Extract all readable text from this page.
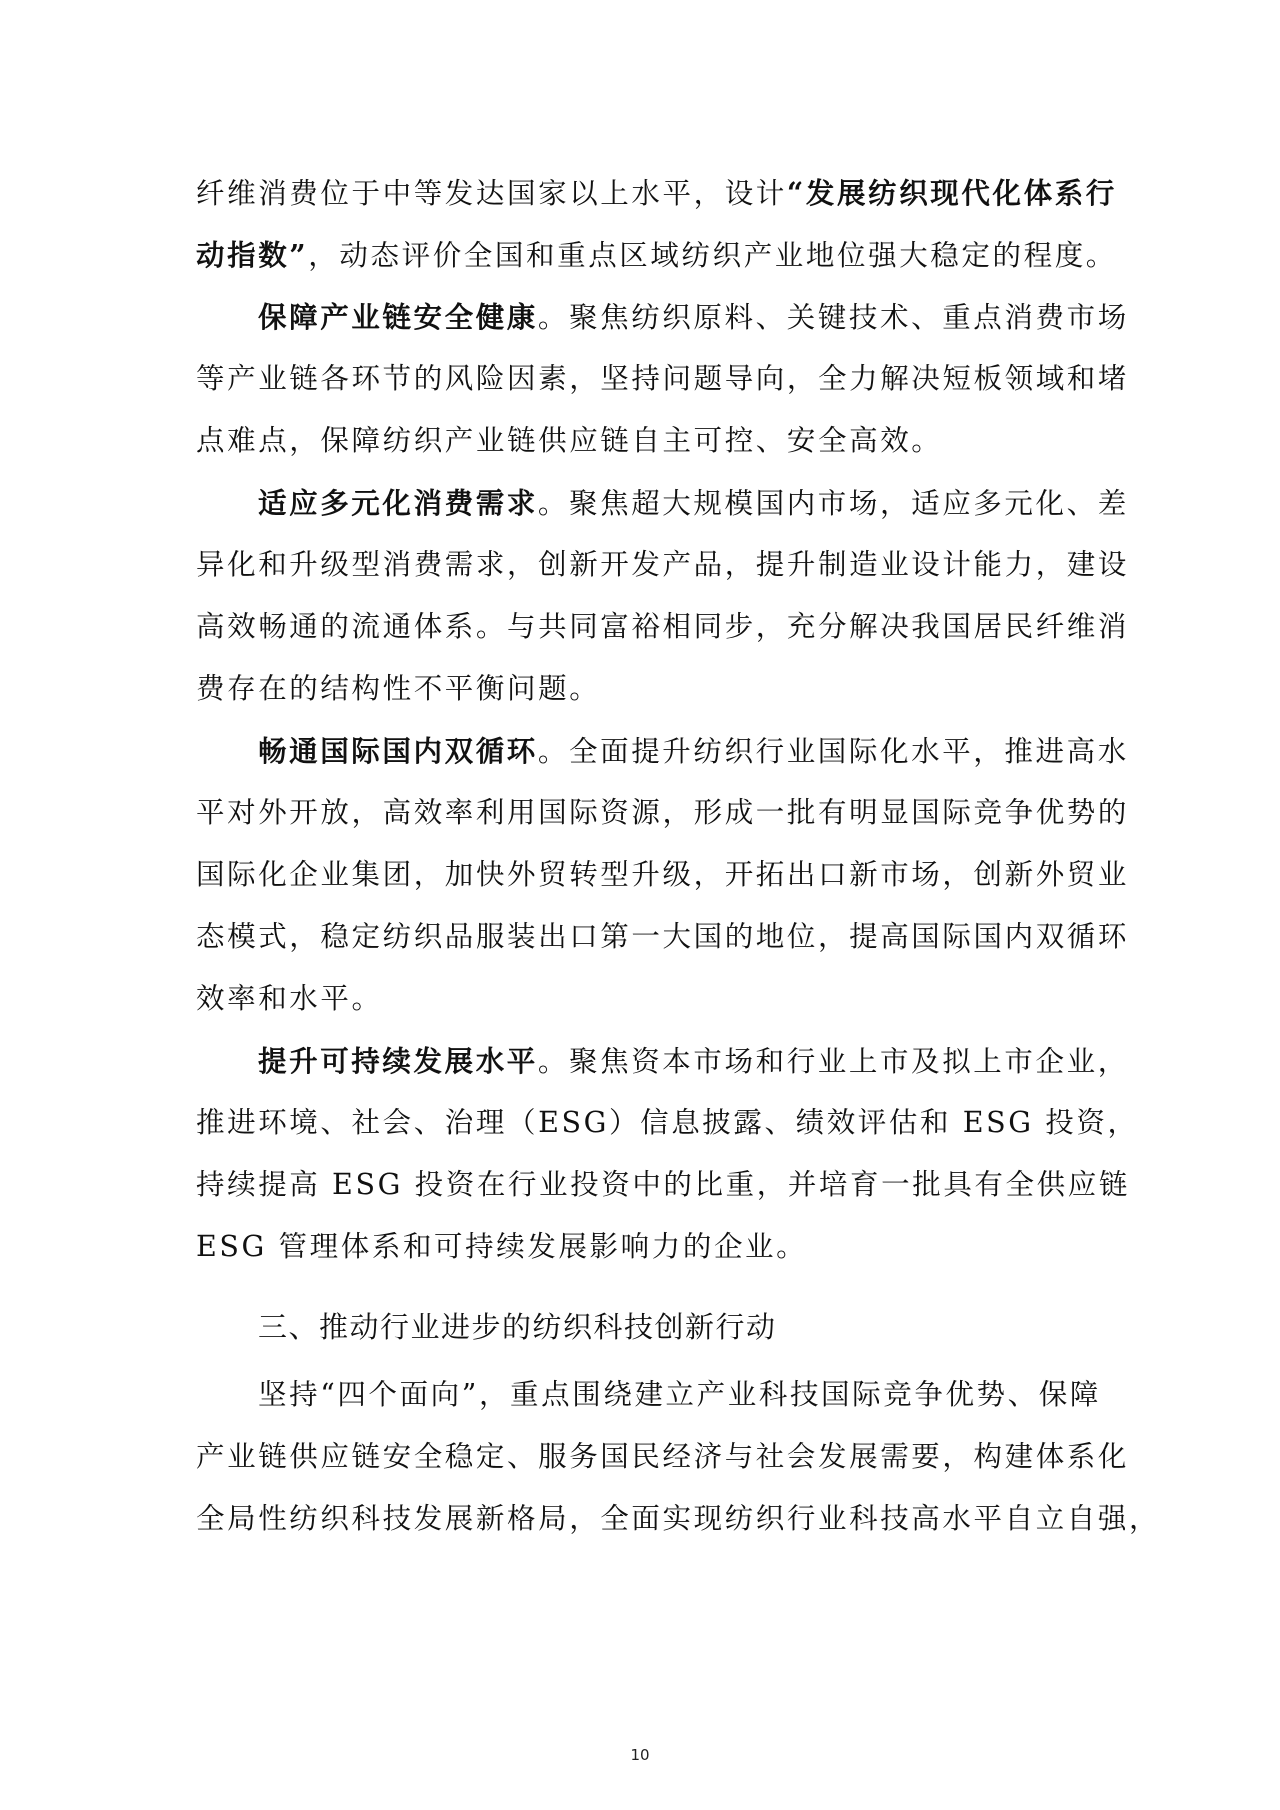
纤维消费位于中等发达国家以上水平，设计“发展纺织现代化体系行
动指数”，动态评价全国和重点区域纺织产业地位强大稳定的程度。
保障产业链安全健康。聚焦纺织原料、关键技术、重点消费市场
等产业链各环节的风险因素，坚持问题导向，全力解决短板领域和堵
点难点，保障纺织产业链供应链自主可控、安全高效。
适应多元化消费需求。聚焦超大规模国内市场，适应多元化、差
异化和升级型消费需求，创新开发产品，提升制造业设计能力，建设
高效畅通的流通体系。与共同富裕相同步，充分解决我国居民纤维消
费存在的结构性不平衡问题。
畅通国际国内双循环。全面提升纺织行业国际化水平，推进高水
平对外开放，高效率利用国际资源，形成一批有明显国际竞争优势的
国际化企业集团，加快外贸转型升级，开拓出口新市场，创新外贸业
态模式，稳定纺织品服装出口第一大国的地位，提高国际国内双循环
效率和水平。
提升可持续发展水平。聚焦资本市场和行业上市及拟上市企业，
推进环境、社会、治理（ESG）信息披露、绩效评估和 ESG 投资，
持续提高 ESG 投资在行业投资中的比重，并培育一批具有全供应链
ESG 管理体系和可持续发展影响力的企业。
三、推动行业进步的纺织科技创新行动
坚持“四个面向”，重点围绕建立产业科技国际竞争优势、保障
产业链供应链安全稳定、服务国民经济与社会发展需要，构建体系化
全局性纺织科技发展新格局，全面实现纺织行业科技高水平自立自强，
10
